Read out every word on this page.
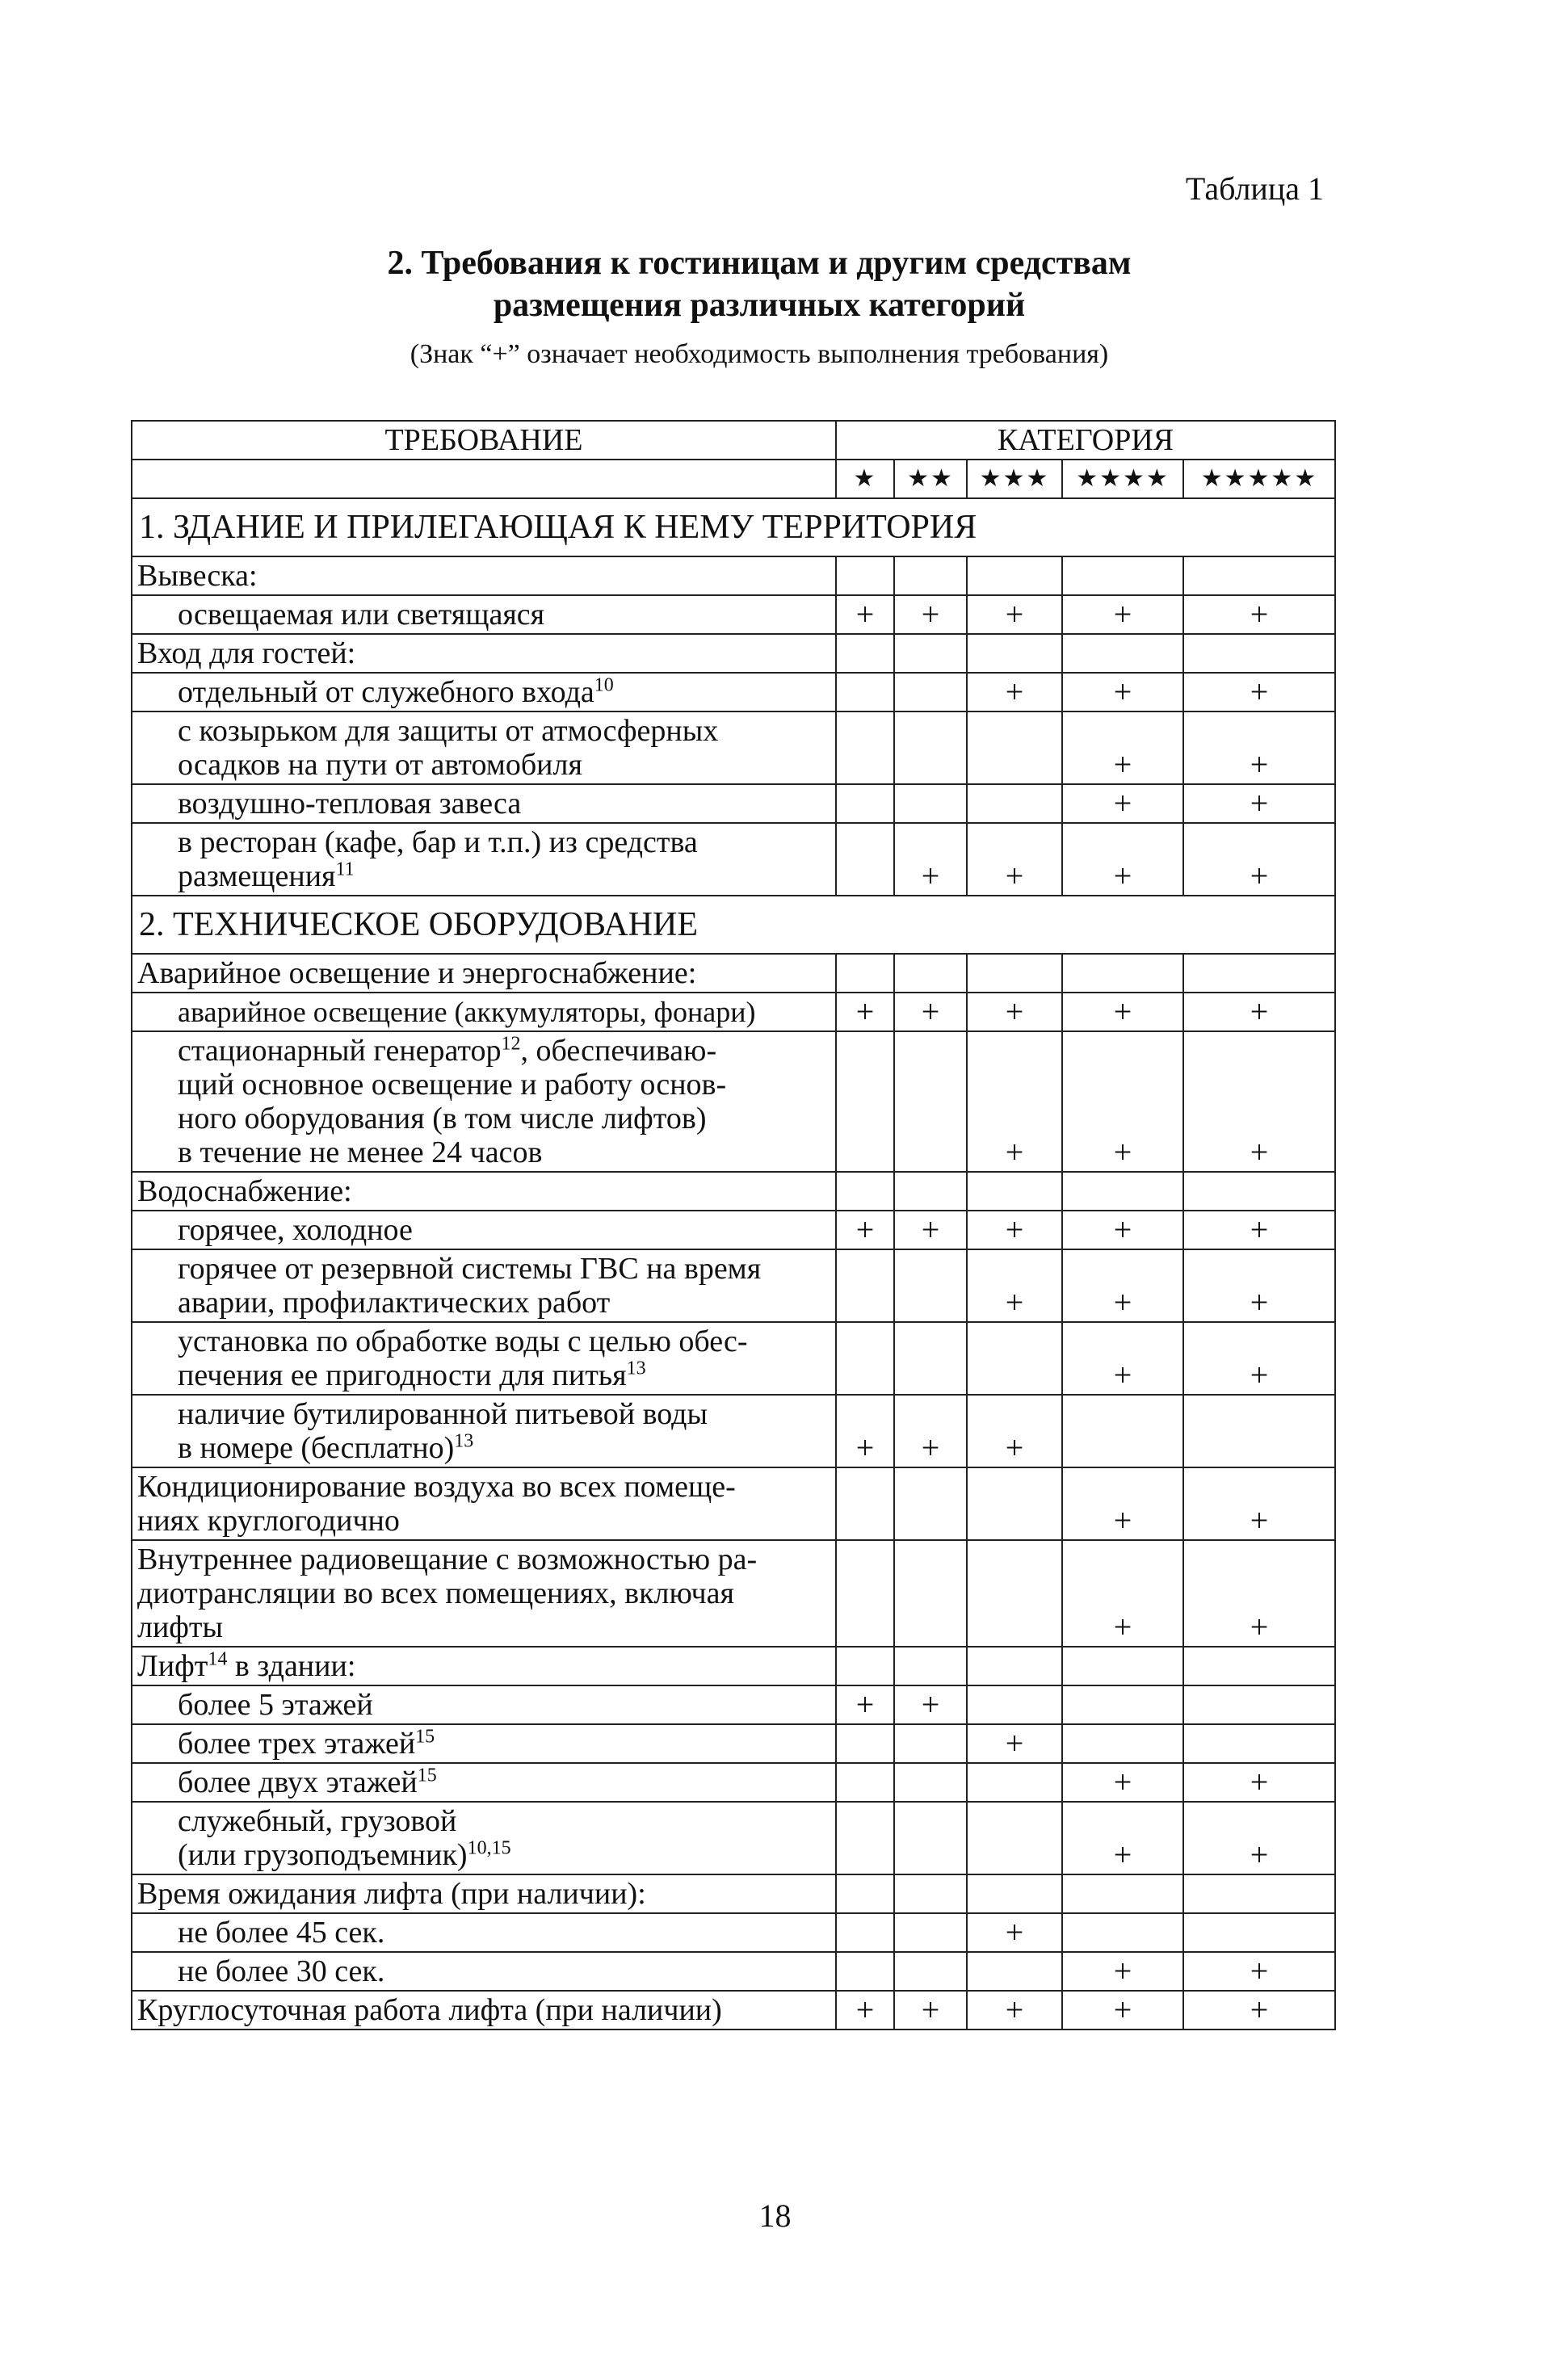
Таблица 1
2. Требования к гостиницам и другим средствам
размещения различных категорий
(Знак “+” означает необходимость выполнения требования)
ТРЕБОВАНИЕ	КАТЕГОРИЯ				
	★	★★	★★★	★★★★	★★★★★
1. ЗДАНИЕ И ПРИЛЕГАЮЩАЯ К НЕМУ ТЕРРИТОРИЯ					
Вывеска:					
освещаемая или светящаяся	+	+	+	+	+
Вход для гостей:					
отдельный от служебного входа$^{10}$			+	+	+

с козырьком для защиты от атмосферных
осадков на пути от автомобиля				+	+
воздушно-тепловая завеса				+	+

в ресторан (кафе, бар и т.п.) из средства
размещения$^{11}$		+	+	+	+
2. ТЕХНИЧЕСКОЕ ОБОРУДОВАНИЕ					
Аварийное освещение и энергоснабжение:					
аварийное освещение (аккумуляторы, фонари)	+	+	+	+	+

стационарный генератор$^{12}$, обеспечиваю-
щий основное освещение и работу основ-
ного оборудования (в том числе лифтов)
в течение не менее 24 часов			+	+	+
Водоснабжение:					
горячее, холодное	+	+	+	+	+

горячее от резервной системы ГВС на время
аварии, профилактических работ			+	+	+

установка по обработке воды с целью обес-
печения ее пригодности для питья$^{13}$				+	+

наличие бутилированной питьевой воды
в номере (бесплатно)$^{13}$	+	+	+		

Кондиционирование воздуха во всех помеще-
ниях круглогодично				+	+

Внутреннее радиовещание с возможностью ра-
диотрансляции во всех помещениях, включая
лифты				+	+
Лифт$^{14}$ в здании:					
более 5 этажей	+	+			
более трех этажей$^{15}$			+		
более двух этажей$^{15}$				+	+

служебный, грузовой
(или грузоподъемник)$^{10,15}$				+	+
Время ожидания лифта (при наличии):					
не более 45 сек.			+		
не более 30 сек.				+	+
Круглосуточная работа лифта (при наличии)	+	+	+	+	+
18
